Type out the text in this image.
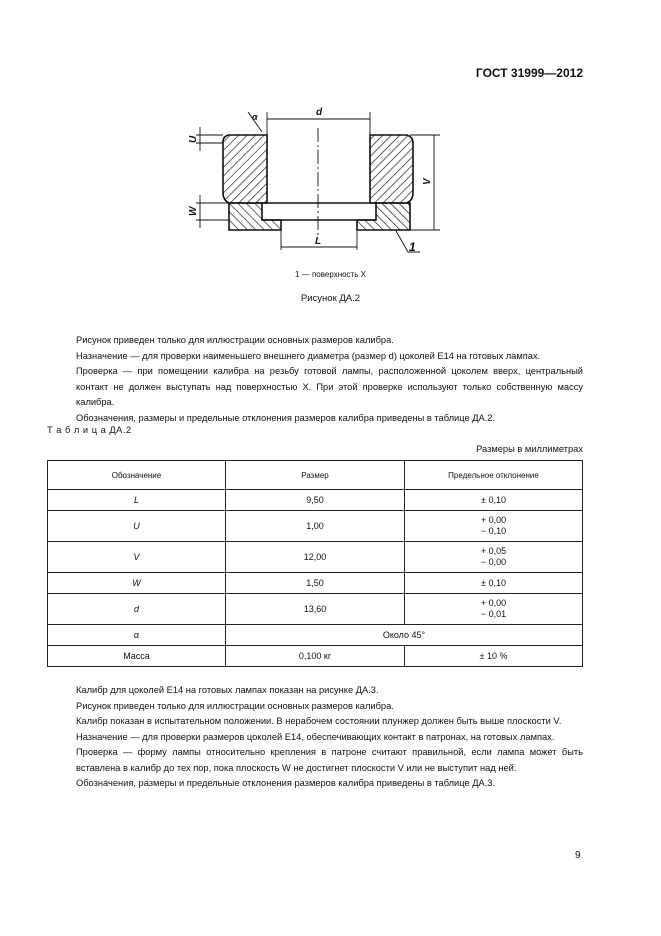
ГОСТ 31999—2012
d
α
V
U
W
L	1
1 — поверхность X
Рисунок ДА.2
Рисунок приведен только для иллюстрации основных размеров калибра.
Назначение — для проверки наименьшего внешнего диаметра (размер d) цоколей Е14 на готовых лампах.
Проверка — при помещении калибра на резьбу готовой лампы, расположенной цоколем вверх, центральный контакт не должен выступать над поверхностью X. При этой проверке используют только собственную массу калибра.
Обозначения, размеры и предельные отклонения размеров калибра приведены в таблице ДА.2.
Т а б л и ц а ДА.2
Размеры в миллиметрах
Обозначение	Размер	Предельное отклонение
L	9,50	± 0,10
U	1,00	+ 0,00
− 0,10

V	12,00	+ 0,05
− 0,00

W	1,50	± 0,10
d	13,60	+ 0,00
− 0,01

α	Около 45°	
Масса	0,100 кг	± 10 %
Калибр для цоколей Е14 на готовых лампах показан на рисунке ДА.3.
Рисунок приведен только для иллюстрации основных размеров калибра.
Калибр показан в испытательном положении. В нерабочем состоянии плунжер должен быть выше плоскости V.
Назначение — для проверки размеров цоколей Е14, обеспечивающих контакт в патронах, на готовых лампах.
Проверка — форму лампы относительно крепления в патроне считают правильной, если лампа может быть вставлена в калибр до тех пор, пока плоскость W не достигнет плоскости V или не выступит над ней.
Обозначения, размеры и предельные отклонения размеров калибра приведены в таблице ДА.3.
9
